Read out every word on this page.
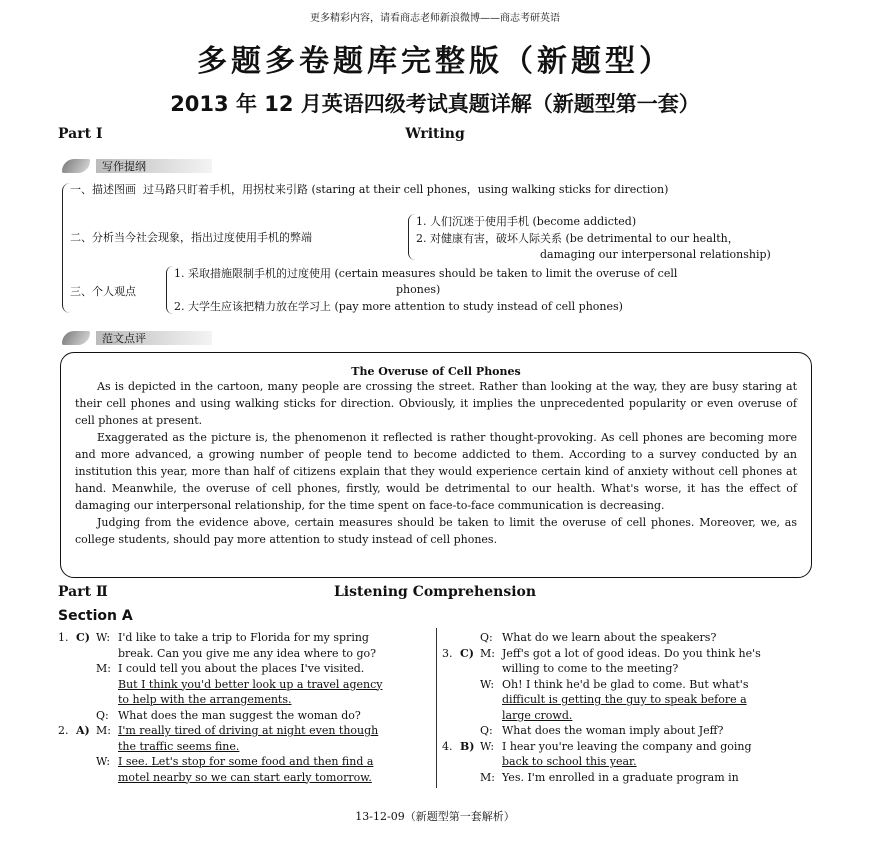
更多精彩内容，请看商志老师新浪微博——商志考研英语
多题多卷题库完整版（新题型）
2013 年 12 月英语四级考试真题详解（新题型第一套）
Part Ⅰ	Writing
写作提纲
一、描述图画 过马路只盯着手机，用拐杖来引路 (staring at their cell phones，using walking sticks for direction)
二、分析当今社会现象，指出过度使用手机的弊端
1. 人们沉迷于使用手机 (become addicted)
2. 对健康有害，破坏人际关系 (be detrimental to our health，
damaging our interpersonal relationship)
三、个人观点
1. 采取措施限制手机的过度使用 (certain measures should be taken to limit the overuse of cell
phones)
2. 大学生应该把精力放在学习上 (pay more attention to study instead of cell phones)
范文点评
The Overuse of Cell Phones

As is depicted in the cartoon, many people are crossing the street. Rather than looking at the way, they are busy staring at their cell phones and using walking sticks for direction. Obviously, it implies the unprecedented popularity or even overuse of cell phones at present.

Exaggerated as the picture is, the phenomenon it reflected is rather thought-provoking. As cell phones are becoming more and more advanced, a growing number of people tend to become addicted to them. According to a survey conducted by an institution this year, more than half of citizens explain that they would experience certain kind of anxiety without cell phones at hand. Meanwhile, the overuse of cell phones, firstly, would be detrimental to our health. What's worse, it has the effect of damaging our interpersonal relationship, for the time spent on face-to-face communication is decreasing.

Judging from the evidence above, certain measures should be taken to limit the overuse of cell phones. Moreover, we, as college students, should pay more attention to study instead of cell phones.

Part Ⅱ	Listening Comprehension
Section A
1. C) W: I'd like to take a trip to Florida for my spring
break. Can you give me any idea where to go?
M: I could tell you about the places I've visited.
But I think you'd better look up a travel agency
to help with the arrangements.
Q: What does the man suggest the woman do?
2. A) M: I'm really tired of driving at night even though
the traffic seems fine.
W: I see. Let's stop for some food and then find a
motel nearby so we can start early tomorrow.
Q: What do we learn about the speakers?
3. C) M: Jeff's got a lot of good ideas. Do you think he's
willing to come to the meeting?
W: Oh! I think he'd be glad to come. But what's
difficult is getting the guy to speak before a
large crowd.
Q: What does the woman imply about Jeff?
4. B) W: I hear you're leaving the company and going
back to school this year.
M: Yes. I'm enrolled in a graduate program in
13-12-09（新题型第一套解析）
